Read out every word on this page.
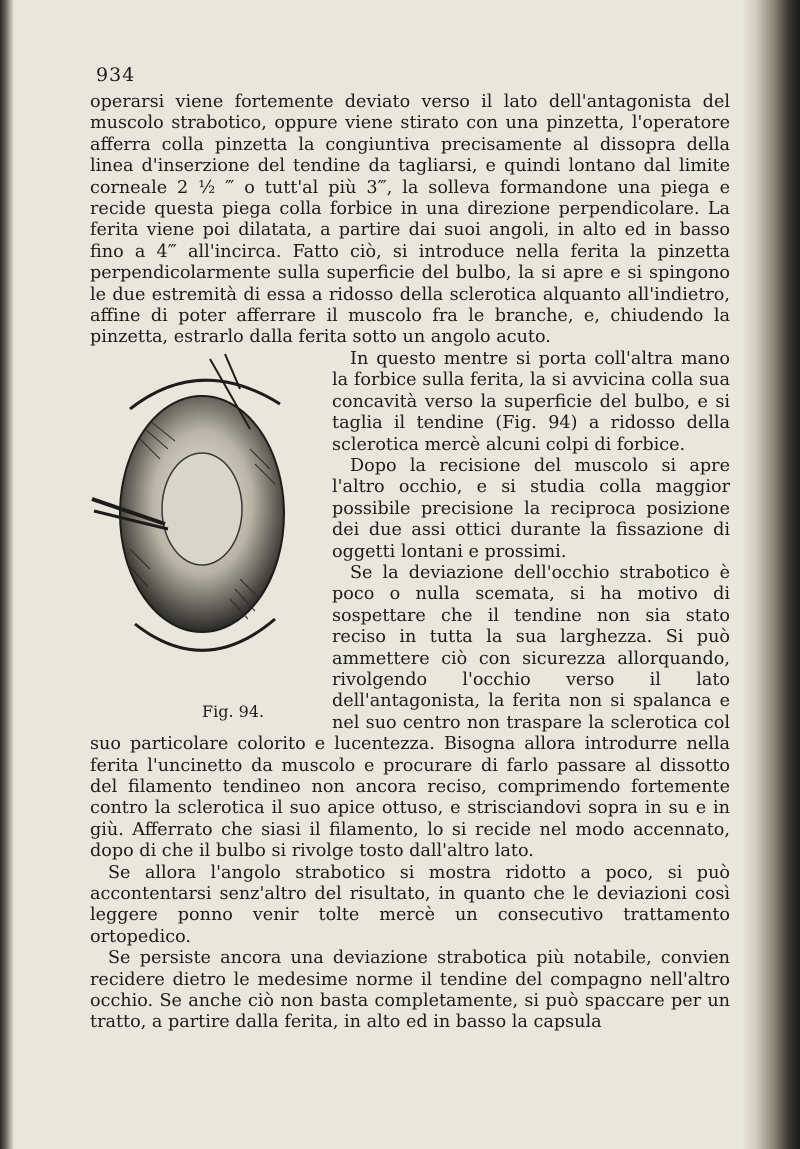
934

operarsi viene fortemente deviato verso il lato dell'antagonista del muscolo strabotico, oppure viene stirato con una pinzetta, l'operatore afferra colla pinzetta la congiuntiva precisamente al dissopra della linea d'inserzione del tendine da tagliarsi, e quindi lontano dal limite corneale 2 ½ ‴ o tutt'al più 3‴, la solleva formandone una piega e recide questa piega colla forbice in una direzione perpendicolare. La ferita viene poi dilatata, a partire dai suoi angoli, in alto ed in basso fino a 4‴ all'incirca. Fatto ciò, si introduce nella ferita la pinzetta perpendicolarmente sulla superficie del bulbo, la si apre e si spingono le due estremità di essa a ridosso della sclerotica alquanto all'indietro, affine di poter afferrare il muscolo fra le branche, e, chiudendo la pinzetta, estrarlo dalla ferita sotto un angolo acuto.

Fig. 94.

In questo mentre si porta coll'altra mano la forbice sulla ferita, la si avvicina colla sua concavità verso la superficie del bulbo, e si taglia il tendine (Fig. 94) a ridosso della sclerotica mercè alcuni colpi di forbice.

Dopo la recisione del muscolo si apre l'altro occhio, e si studia colla maggior possibile precisione la reciproca posizione dei due assi ottici durante la fissazione di oggetti lontani e prossimi.

Se la deviazione dell'occhio strabotico è poco o nulla scemata, si ha motivo di sospettare che il tendine non sia stato reciso in tutta la sua larghezza. Si può ammettere ciò con sicurezza allorquando, rivolgendo l'occhio verso il lato dell'antagonista, la ferita non si spalanca e nel suo centro non traspare la sclerotica col suo particolare colorito e lucentezza. Bisogna allora introdurre nella ferita l'uncinetto da muscolo e procurare di farlo passare al dissotto del filamento tendineo non ancora reciso, comprimendo fortemente contro la sclerotica il suo apice ottuso, e strisciandovi sopra in su e in giù. Afferrato che siasi il filamento, lo si recide nel modo accennato, dopo di che il bulbo si rivolge tosto dall'altro lato.

Se allora l'angolo strabotico si mostra ridotto a poco, si può accontentarsi senz'altro del risultato, in quanto che le deviazioni così leggere ponno venir tolte mercè un consecutivo trattamento ortopedico.

Se persiste ancora una deviazione strabotica più notabile, convien recidere dietro le medesime norme il tendine del compagno nell'altro occhio. Se anche ciò non basta completamente, si può spaccare per un tratto, a partire dalla ferita, in alto ed in basso la capsula
